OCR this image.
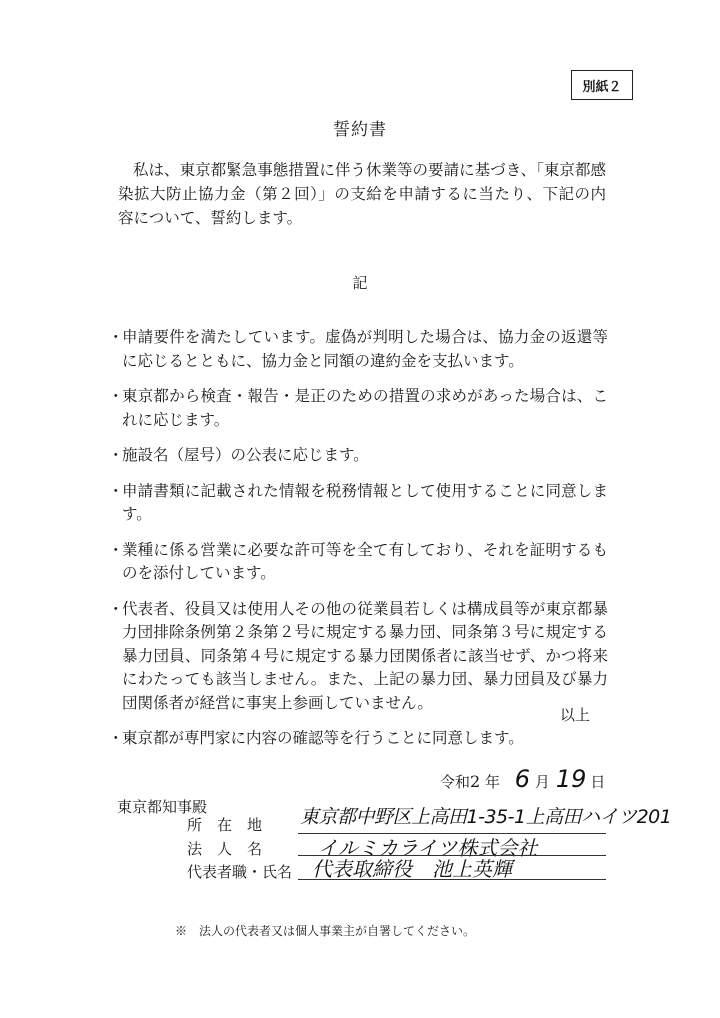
別紙２
誓約書
私は、東京都緊急事態措置に伴う休業等の要請に基づき、「東京都感染拡大防止協力金（第２回）」の支給を申請するに当たり、下記の内容について、誓約します。
記
・
申請要件を満たしています。虚偽が判明した場合は、協力金の返還等に応じるとともに、協力金と同額の違約金を支払います。
・
東京都から検査・報告・是正のための措置の求めがあった場合は、これに応じます。
・
施設名（屋号）の公表に応じます。
・
申請書類に記載された情報を税務情報として使用することに同意します。
・
業種に係る営業に必要な許可等を全て有しており、それを証明するものを添付しています。
・
代表者、役員又は使用人その他の従業員若しくは構成員等が東京都暴力団排除条例第２条第２号に規定する暴力団、同条第３号に規定する暴力団員、同条第４号に規定する暴力団関係者に該当せず、かつ将来にわたっても該当しません。また、上記の暴力団、暴力団員及び暴力団関係者が経営に事実上参画していません。
・
東京都が専門家に内容の確認等を行うことに同意します。
以上
令和2 年 6 月 19 日
東京都知事殿
所　在　地	東京都中野区上高田1-35-1上高田ハイツ201
法　人　名	イルミカライツ株式会社
代表者職・氏名 代表取締役　池上英輝
※　法人の代表者又は個人事業主が自署してください。
